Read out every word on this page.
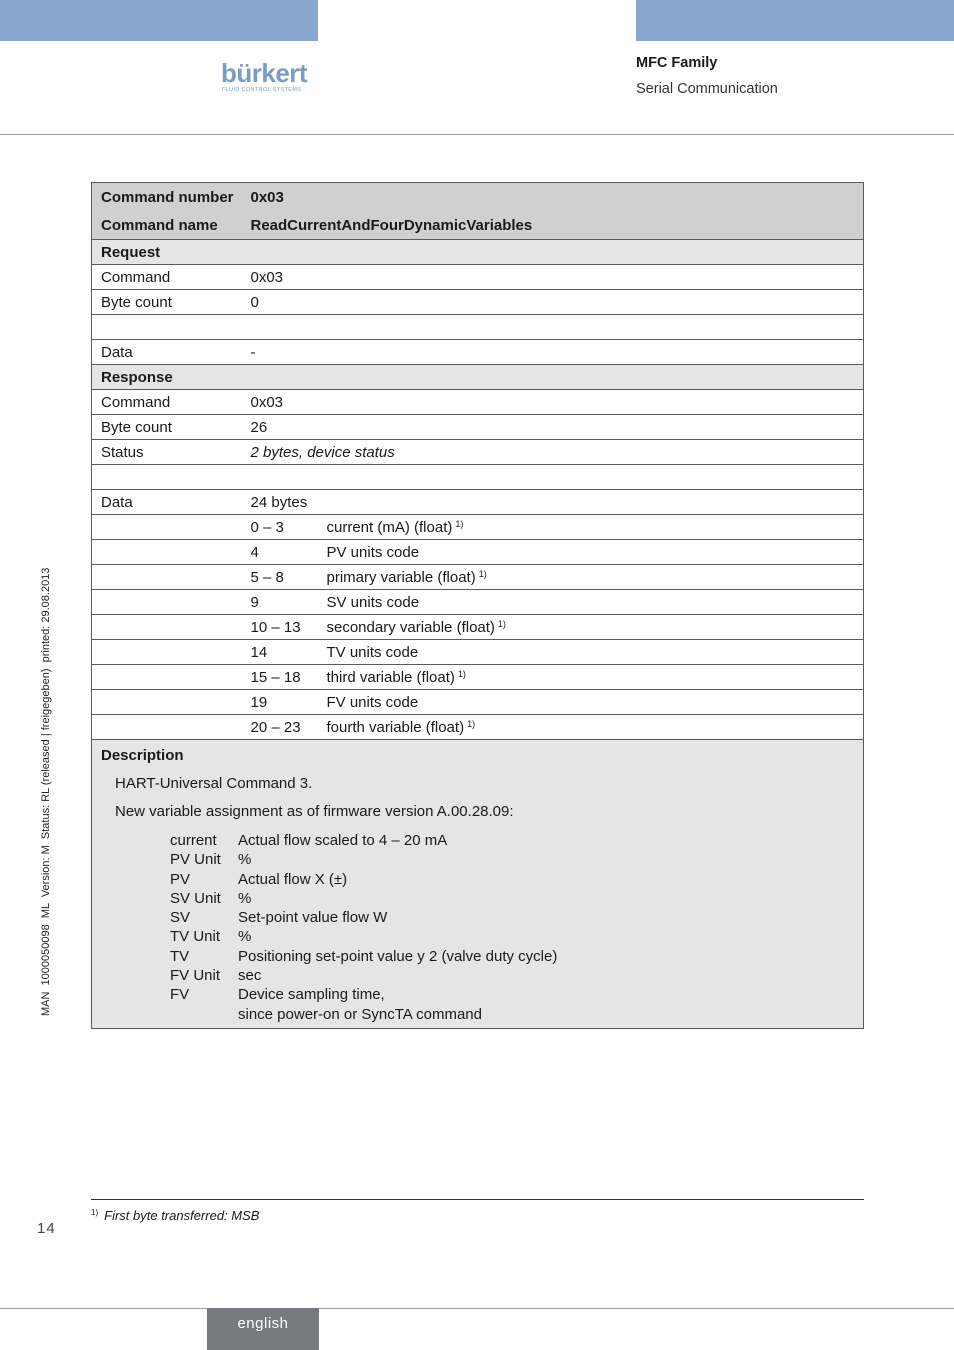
bürkert
FLUID CONTROL SYSTEMS
MFC Family
Serial Communication
MAN  1000050098  ML  Version: M  Status: RL (released | freigegeben)  printed: 29.08.2013
Command number	0x03
Command name	ReadCurrentAndFourDynamicVariables
Request
Command	0x03
Byte count	0

Data	-
Response
Command	0x03
Byte count	26
Status	2 bytes, device status

Data	24 bytes
	0 – 3	current (mA) (float) $^{1)}$
	4	PV units code
	5 – 8	primary variable (float) $^{1)}$
	9	SV units code
	10 – 13	secondary variable (float) $^{1)}$
	14	TV units code
	15 – 18	third variable (float) $^{1)}$
	19	FV units code
	20 – 23	fourth variable (float) $^{1)}$

Description
HART-Universal Command 3.
New variable assignment as of firmware version A.00.28.09:
current	Actual flow scaled to 4 – 20 mA
PV Unit	%
PV	Actual flow X (±)
SV Unit	%
SV	Set-point value flow W
TV Unit	%
TV	Positioning set-point value y 2 (valve duty cycle)
FV Unit	sec
FV	Device sampling time,
	since power-on or SyncTA command
$^{1)}$ First byte transferred: MSB
14
english
